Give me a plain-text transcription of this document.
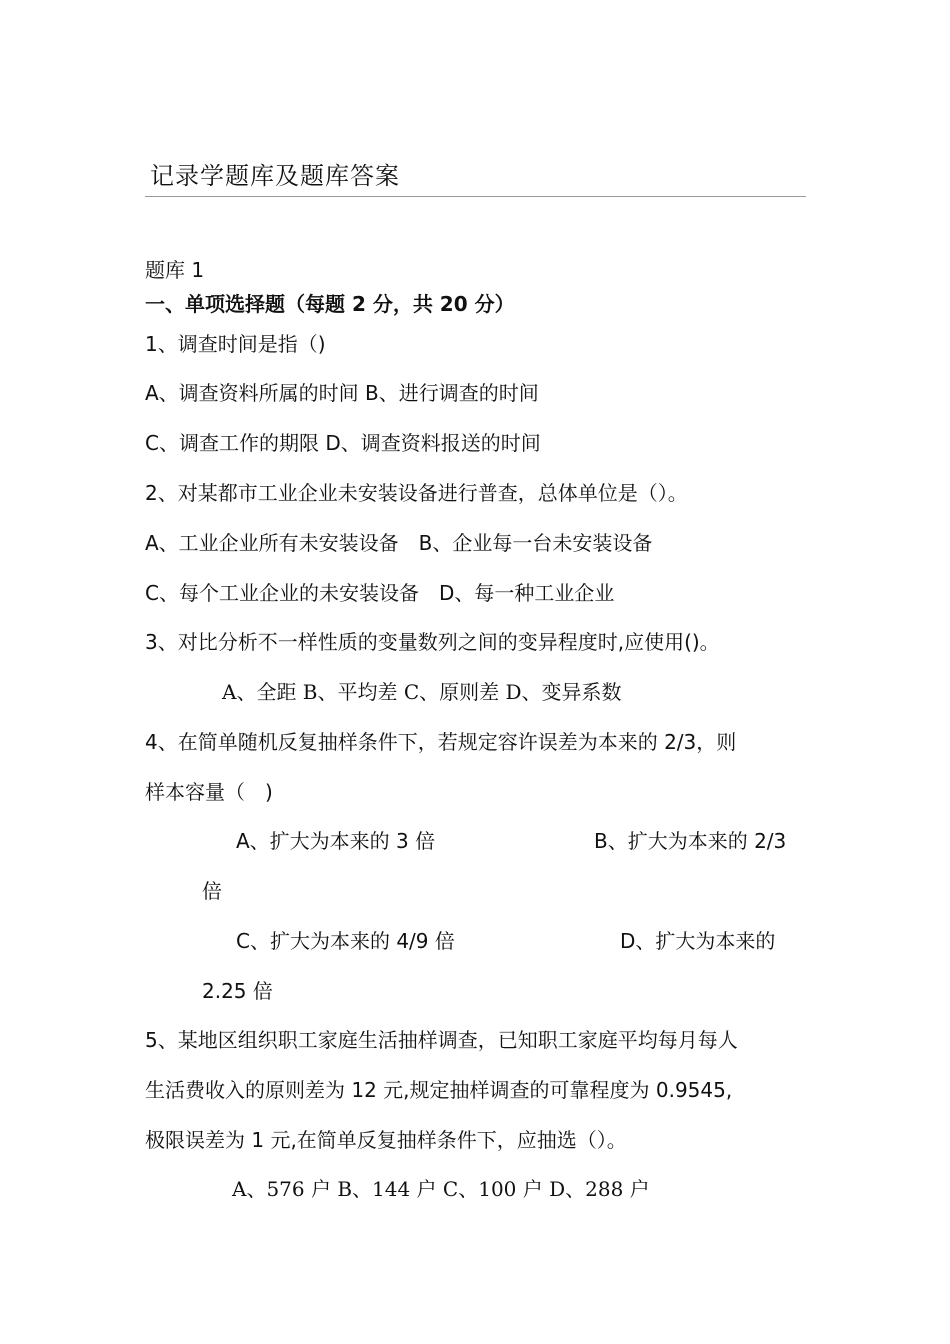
记录学题库及题库答案
题库 1
一、单项选择题（每题 2 分，共 20 分）
1、调查时间是指（)
A、调查资料所属的时间 B、进行调查的时间
C、调查工作的期限 D、调查资料报送的时间
2、对某都市工业企业未安装设备进行普查，总体单位是（）。
A、工业企业所有未安装设备　B、企业每一台未安装设备
C、每个工业企业的未安装设备　D、每一种工业企业
3、对比分析不一样性质的变量数列之间的变异程度时,应使用()。
A、全距 B、平均差 C、原则差 D、变异系数
4、在简单随机反复抽样条件下，若规定容许误差为本来的 2/3，则
样本容量（　)
A、扩大为本来的 3 倍	B、扩大为本来的 2/3
倍
C、扩大为本来的 4/9 倍	D、扩大为本来的
2.25 倍
5、某地区组织职工家庭生活抽样调查，已知职工家庭平均每月每人
生活费收入的原则差为 12 元,规定抽样调查的可靠程度为 0.9545,
极限误差为 1 元,在简单反复抽样条件下，应抽选（）。
A、576 户 B、144 户 C、100 户 D、288 户
